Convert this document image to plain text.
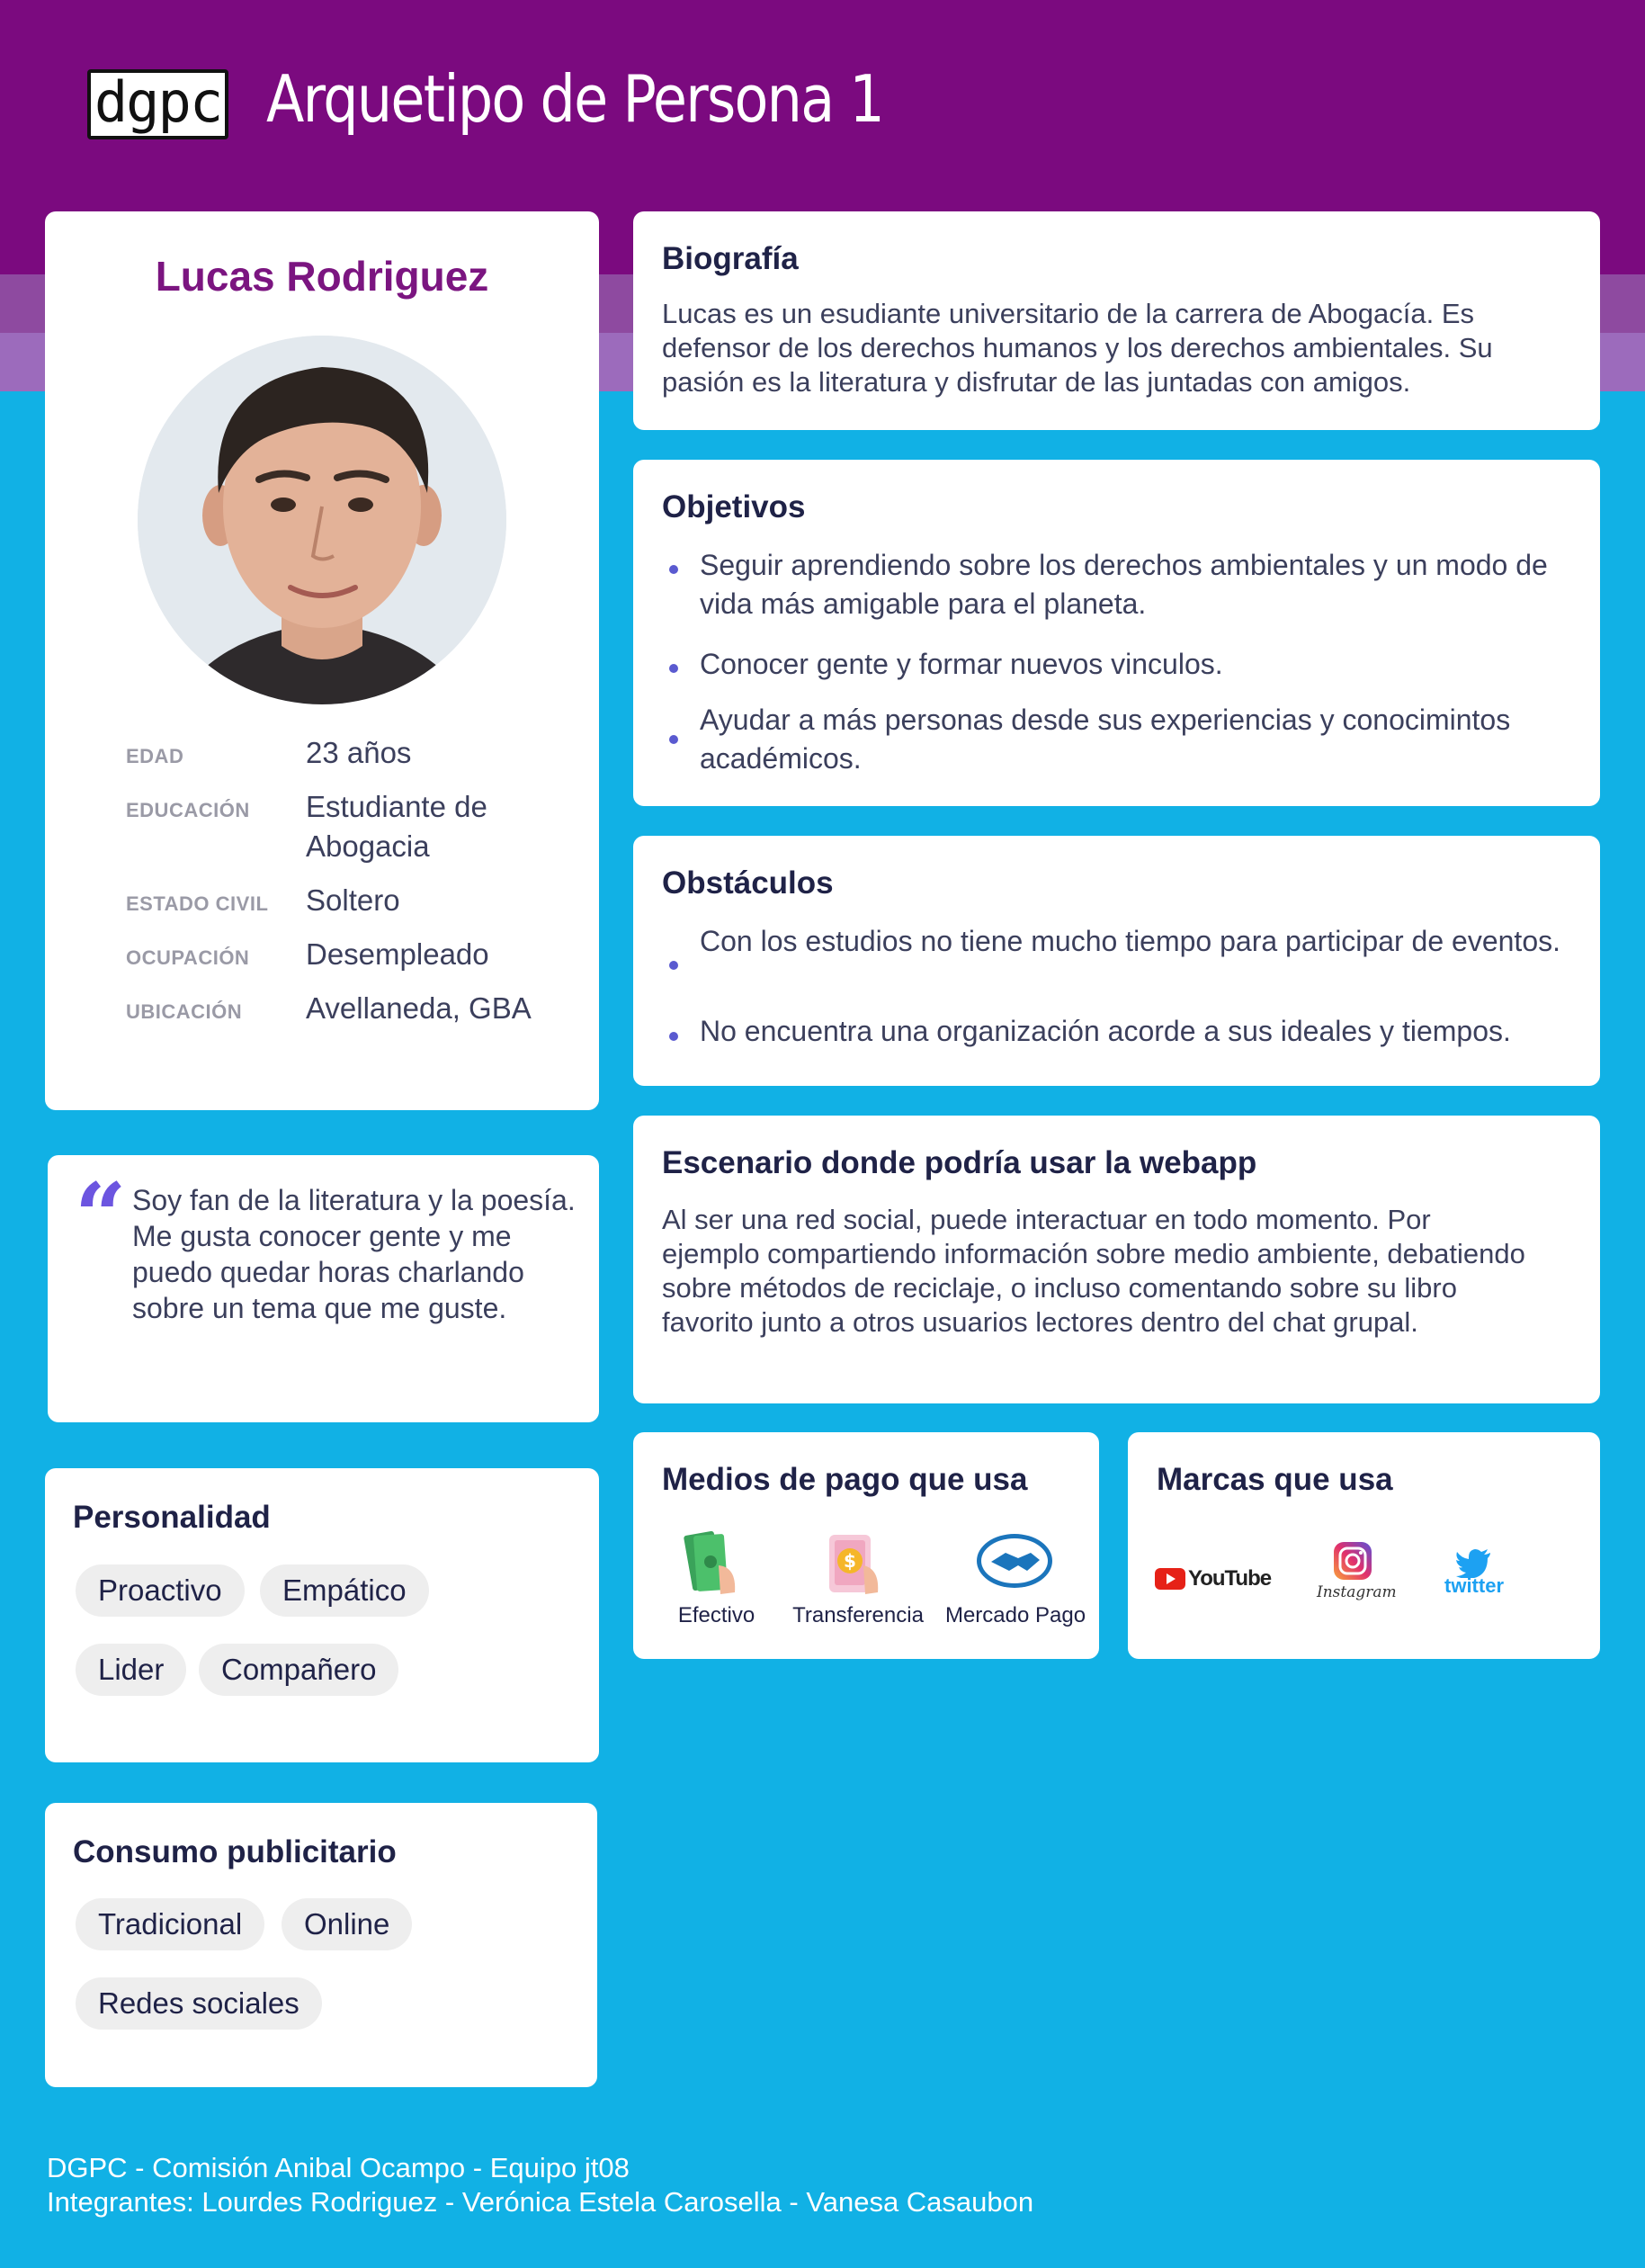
dgpc Arquetipo de Persona 1
Lucas Rodriguez
EDAD	23 años
EDUCACIÓN Estudiante de Abogacia
ESTADO CIVIL Soltero
OCUPACIÓN Desempleado
UBICACIÓN Avellaneda, GBA
“ Soy fan de la literatura y la poesía. Me gusta conocer gente y me puedo quedar horas charlando sobre un tema que me guste.
Personalidad
Proactivo	Empático
Lider	Compañero
Consumo publicitario
Tradicional	Online
Redes sociales
Biografía
Lucas es un esudiante universitario de la carrera de Abogacía. Es defensor de los derechos humanos y los derechos ambientales. Su pasión es la literatura y disfrutar de las juntadas con amigos.
Objetivos
Seguir aprendiendo sobre los derechos ambientales y un modo de vida más amigable para el planeta.
Conocer gente y formar nuevos vinculos.
Ayudar a más personas desde sus experiencias y conocimintos académicos.
Obstáculos
Con los estudios no tiene mucho tiempo para participar de eventos.
No encuentra una organización acorde a sus ideales y tiempos.
Escenario donde podría usar la webapp
Al ser una red social, puede interactuar en todo momento. Por ejemplo compartiendo información sobre medio ambiente, debatiendo sobre métodos de reciclaje, o incluso comentando sobre su libro favorito junto a otros usuarios lectores dentro del chat grupal.
Medios de pago que usa
Efectivo
$
Transferencia	Mercado Pago
Marcas que usa
YouTube
Instagram	twitter
DGPC - Comisión Anibal Ocampo - Equipo jt08
Integrantes: Lourdes Rodriguez - Verónica Estela Carosella - Vanesa Casaubon
